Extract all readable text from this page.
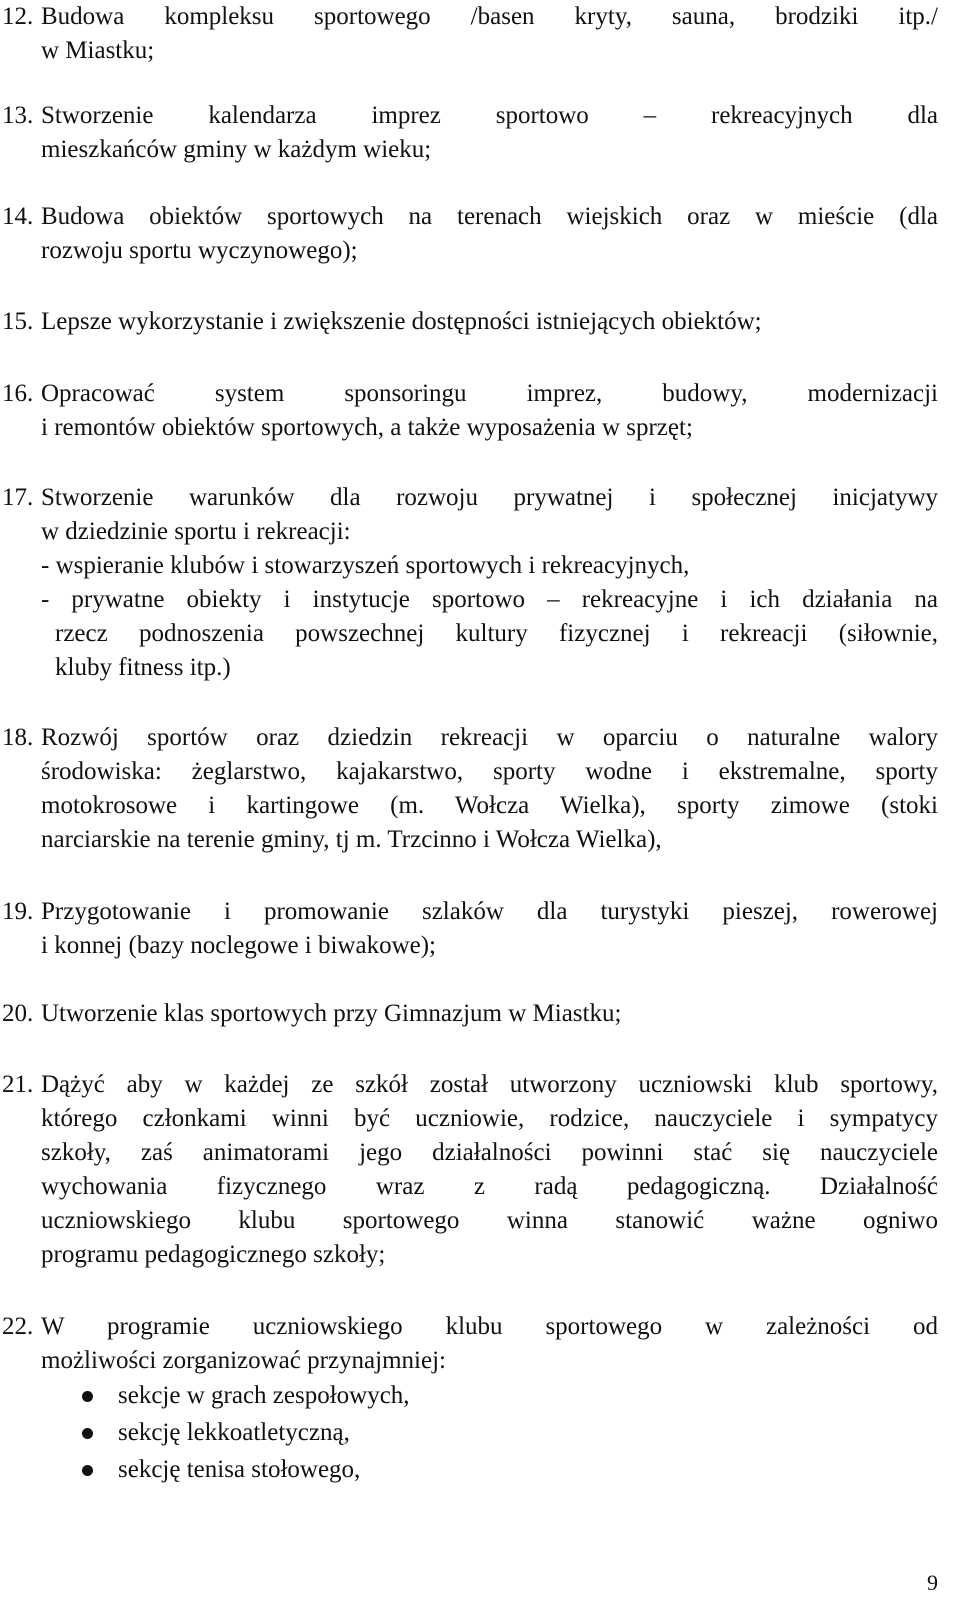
12. Budowa kompleksu sportowego /basen kryty, sauna, brodziki itp./
w Miastku;
13. Stworzenie kalendarza imprez sportowo – rekreacyjnych dla
mieszkańców gminy w każdym wieku;
14. Budowa obiektów sportowych na terenach wiejskich oraz w mieście (dla
rozwoju sportu wyczynowego);
15. Lepsze wykorzystanie i zwiększenie dostępności istniejących obiektów;
16. Opracować system sponsoringu imprez, budowy, modernizacji
i remontów obiektów sportowych, a także wyposażenia w sprzęt;
17. Stworzenie warunków dla rozwoju prywatnej i społecznej inicjatywy
w dziedzinie sportu i rekreacji:
- wspieranie klubów i stowarzyszeń sportowych i rekreacyjnych,
- prywatne obiekty i instytucje sportowo – rekreacyjne i ich działania na
rzecz podnoszenia powszechnej kultury fizycznej i rekreacji (siłownie,
kluby fitness itp.)
18. Rozwój sportów oraz dziedzin rekreacji w oparciu o naturalne walory
środowiska: żeglarstwo, kajakarstwo, sporty wodne i ekstremalne, sporty
motokrosowe i kartingowe (m. Wołcza Wielka), sporty zimowe (stoki
narciarskie na terenie gminy, tj m. Trzcinno i Wołcza Wielka),
19. Przygotowanie i promowanie szlaków dla turystyki pieszej, rowerowej
i konnej (bazy noclegowe i biwakowe);
20. Utworzenie klas sportowych przy Gimnazjum w Miastku;
21. Dążyć aby w każdej ze szkół został utworzony uczniowski klub sportowy,
którego członkami winni być uczniowie, rodzice, nauczyciele i sympatycy
szkoły, zaś animatorami jego działalności powinni stać się nauczyciele
wychowania fizycznego wraz z radą pedagogiczną. Działalność
uczniowskiego klubu sportowego winna stanowić ważne ogniwo
programu pedagogicznego szkoły;
22. W programie uczniowskiego klubu sportowego w zależności od
możliwości zorganizować przynajmniej:
sekcje w grach zespołowych,
sekcję lekkoatletyczną,
sekcję tenisa stołowego,
9
